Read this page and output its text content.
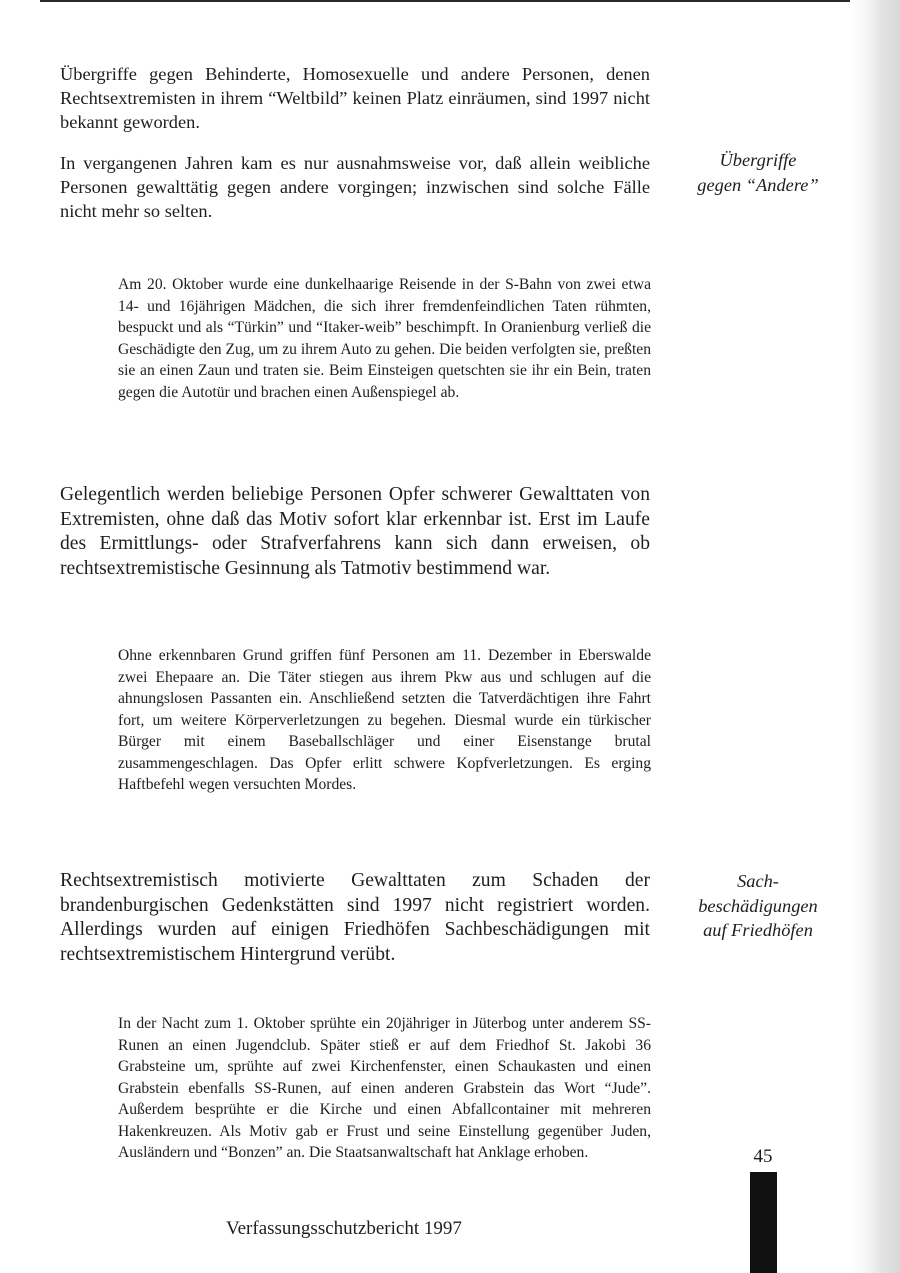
Übergriffe gegen Behinderte, Homosexuelle und andere Personen, denen Rechtsextremisten in ihrem “Weltbild” keinen Platz einräumen, sind 1997 nicht bekannt geworden.

In vergangenen Jahren kam es nur ausnahmsweise vor, daß allein weibliche Personen gewalttätig gegen andere vorgingen; inzwischen sind solche Fälle nicht mehr so selten.

Übergriffe
gegen “Andere”

Am 20. Oktober wurde eine dunkelhaarige Reisende in der S-Bahn von zwei etwa 14- und 16jährigen Mädchen, die sich ihrer fremdenfeindlichen Taten rühmten, bespuckt und als “Türkin” und “Itaker-weib” beschimpft. In Oranienburg verließ die Geschädigte den Zug, um zu ihrem Auto zu gehen. Die beiden verfolgten sie, preßten sie an einen Zaun und traten sie. Beim Einsteigen quetschten sie ihr ein Bein, traten gegen die Autotür und brachen einen Außenspiegel ab.

Gelegentlich werden beliebige Personen Opfer schwerer Gewalttaten von Extremisten, ohne daß das Motiv sofort klar erkennbar ist. Erst im Laufe des Ermittlungs- oder Strafverfahrens kann sich dann erweisen, ob rechtsextremistische Gesinnung als Tatmotiv bestimmend war.

Ohne erkennbaren Grund griffen fünf Personen am 11. Dezember in Eberswalde zwei Ehepaare an. Die Täter stiegen aus ihrem Pkw aus und schlugen auf die ahnungslosen Passanten ein. Anschließend setzten die Tatverdächtigen ihre Fahrt fort, um weitere Körperverletzungen zu begehen. Diesmal wurde ein türkischer Bürger mit einem Baseballschläger und einer Eisenstange brutal zusammengeschlagen. Das Opfer erlitt schwere Kopfverletzungen. Es erging Haftbefehl wegen versuchten Mordes.

Rechtsextremistisch motivierte Gewalttaten zum Schaden der brandenburgischen Gedenkstätten sind 1997 nicht registriert worden. Allerdings wurden auf einigen Friedhöfen Sachbeschädigungen mit rechtsextremistischem Hintergrund verübt.

Sach-
beschädigungen
auf Friedhöfen

In der Nacht zum 1. Oktober sprühte ein 20jähriger in Jüterbog unter anderem SS-Runen an einen Jugendclub. Später stieß er auf dem Friedhof St. Jakobi 36 Grabsteine um, sprühte auf zwei Kirchenfenster, einen Schaukasten und einen Grabstein ebenfalls SS-Runen, auf einen anderen Grabstein das Wort “Jude”. Außerdem besprühte er die Kirche und einen Abfallcontainer mit mehreren Hakenkreuzen. Als Motiv gab er Frust und seine Einstellung gegenüber Juden, Ausländern und “Bonzen” an. Die Staatsanwaltschaft hat Anklage erhoben.	45
Verfassungsschutzbericht 1997
